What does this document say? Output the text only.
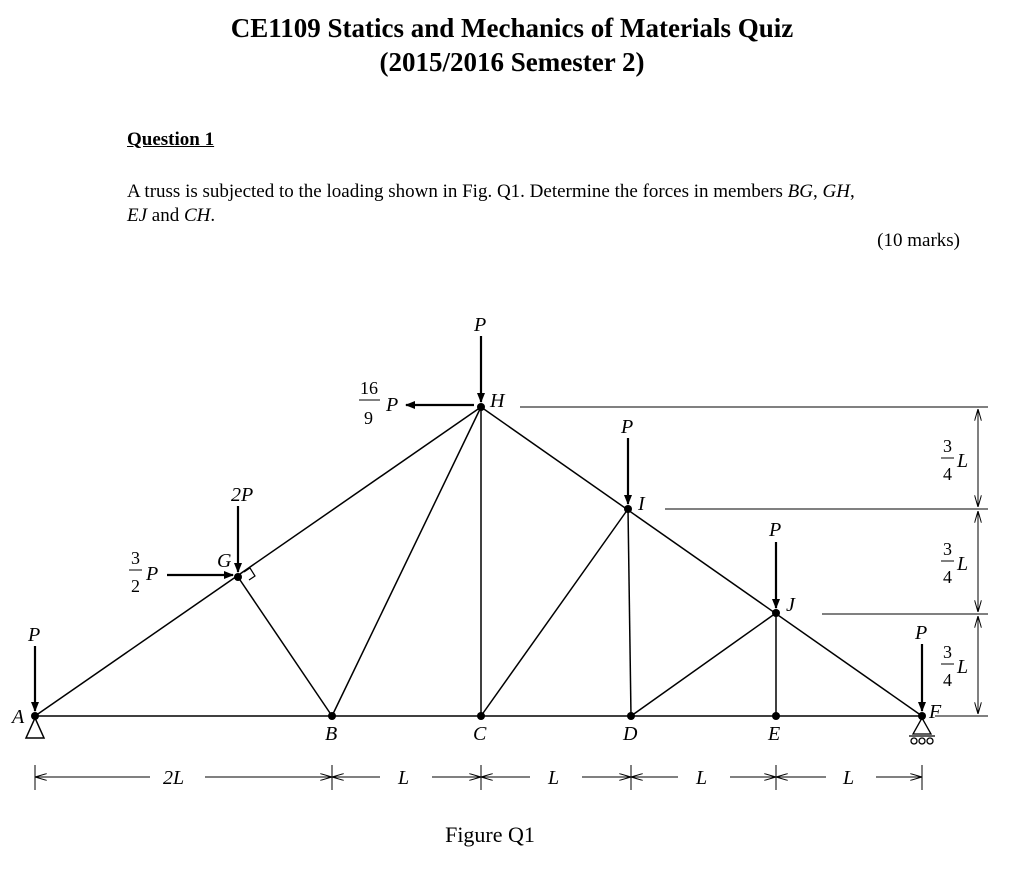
CE1109 Statics and Mechanics of Materials Quiz
(2015/2016 Semester 2)
Question 1
A truss is subjected to the loading shown in Fig. Q1. Determine the forces in members BG, GH,
EJ and CH.
(10 marks)
A
B	C	D	E
F
G
H
I
J
P
2P
P
P
P
P
3
2
P
16
9
P
3
4
L
3
4
L
3
4
L
2L	L	L	L	L
Figure Q1
